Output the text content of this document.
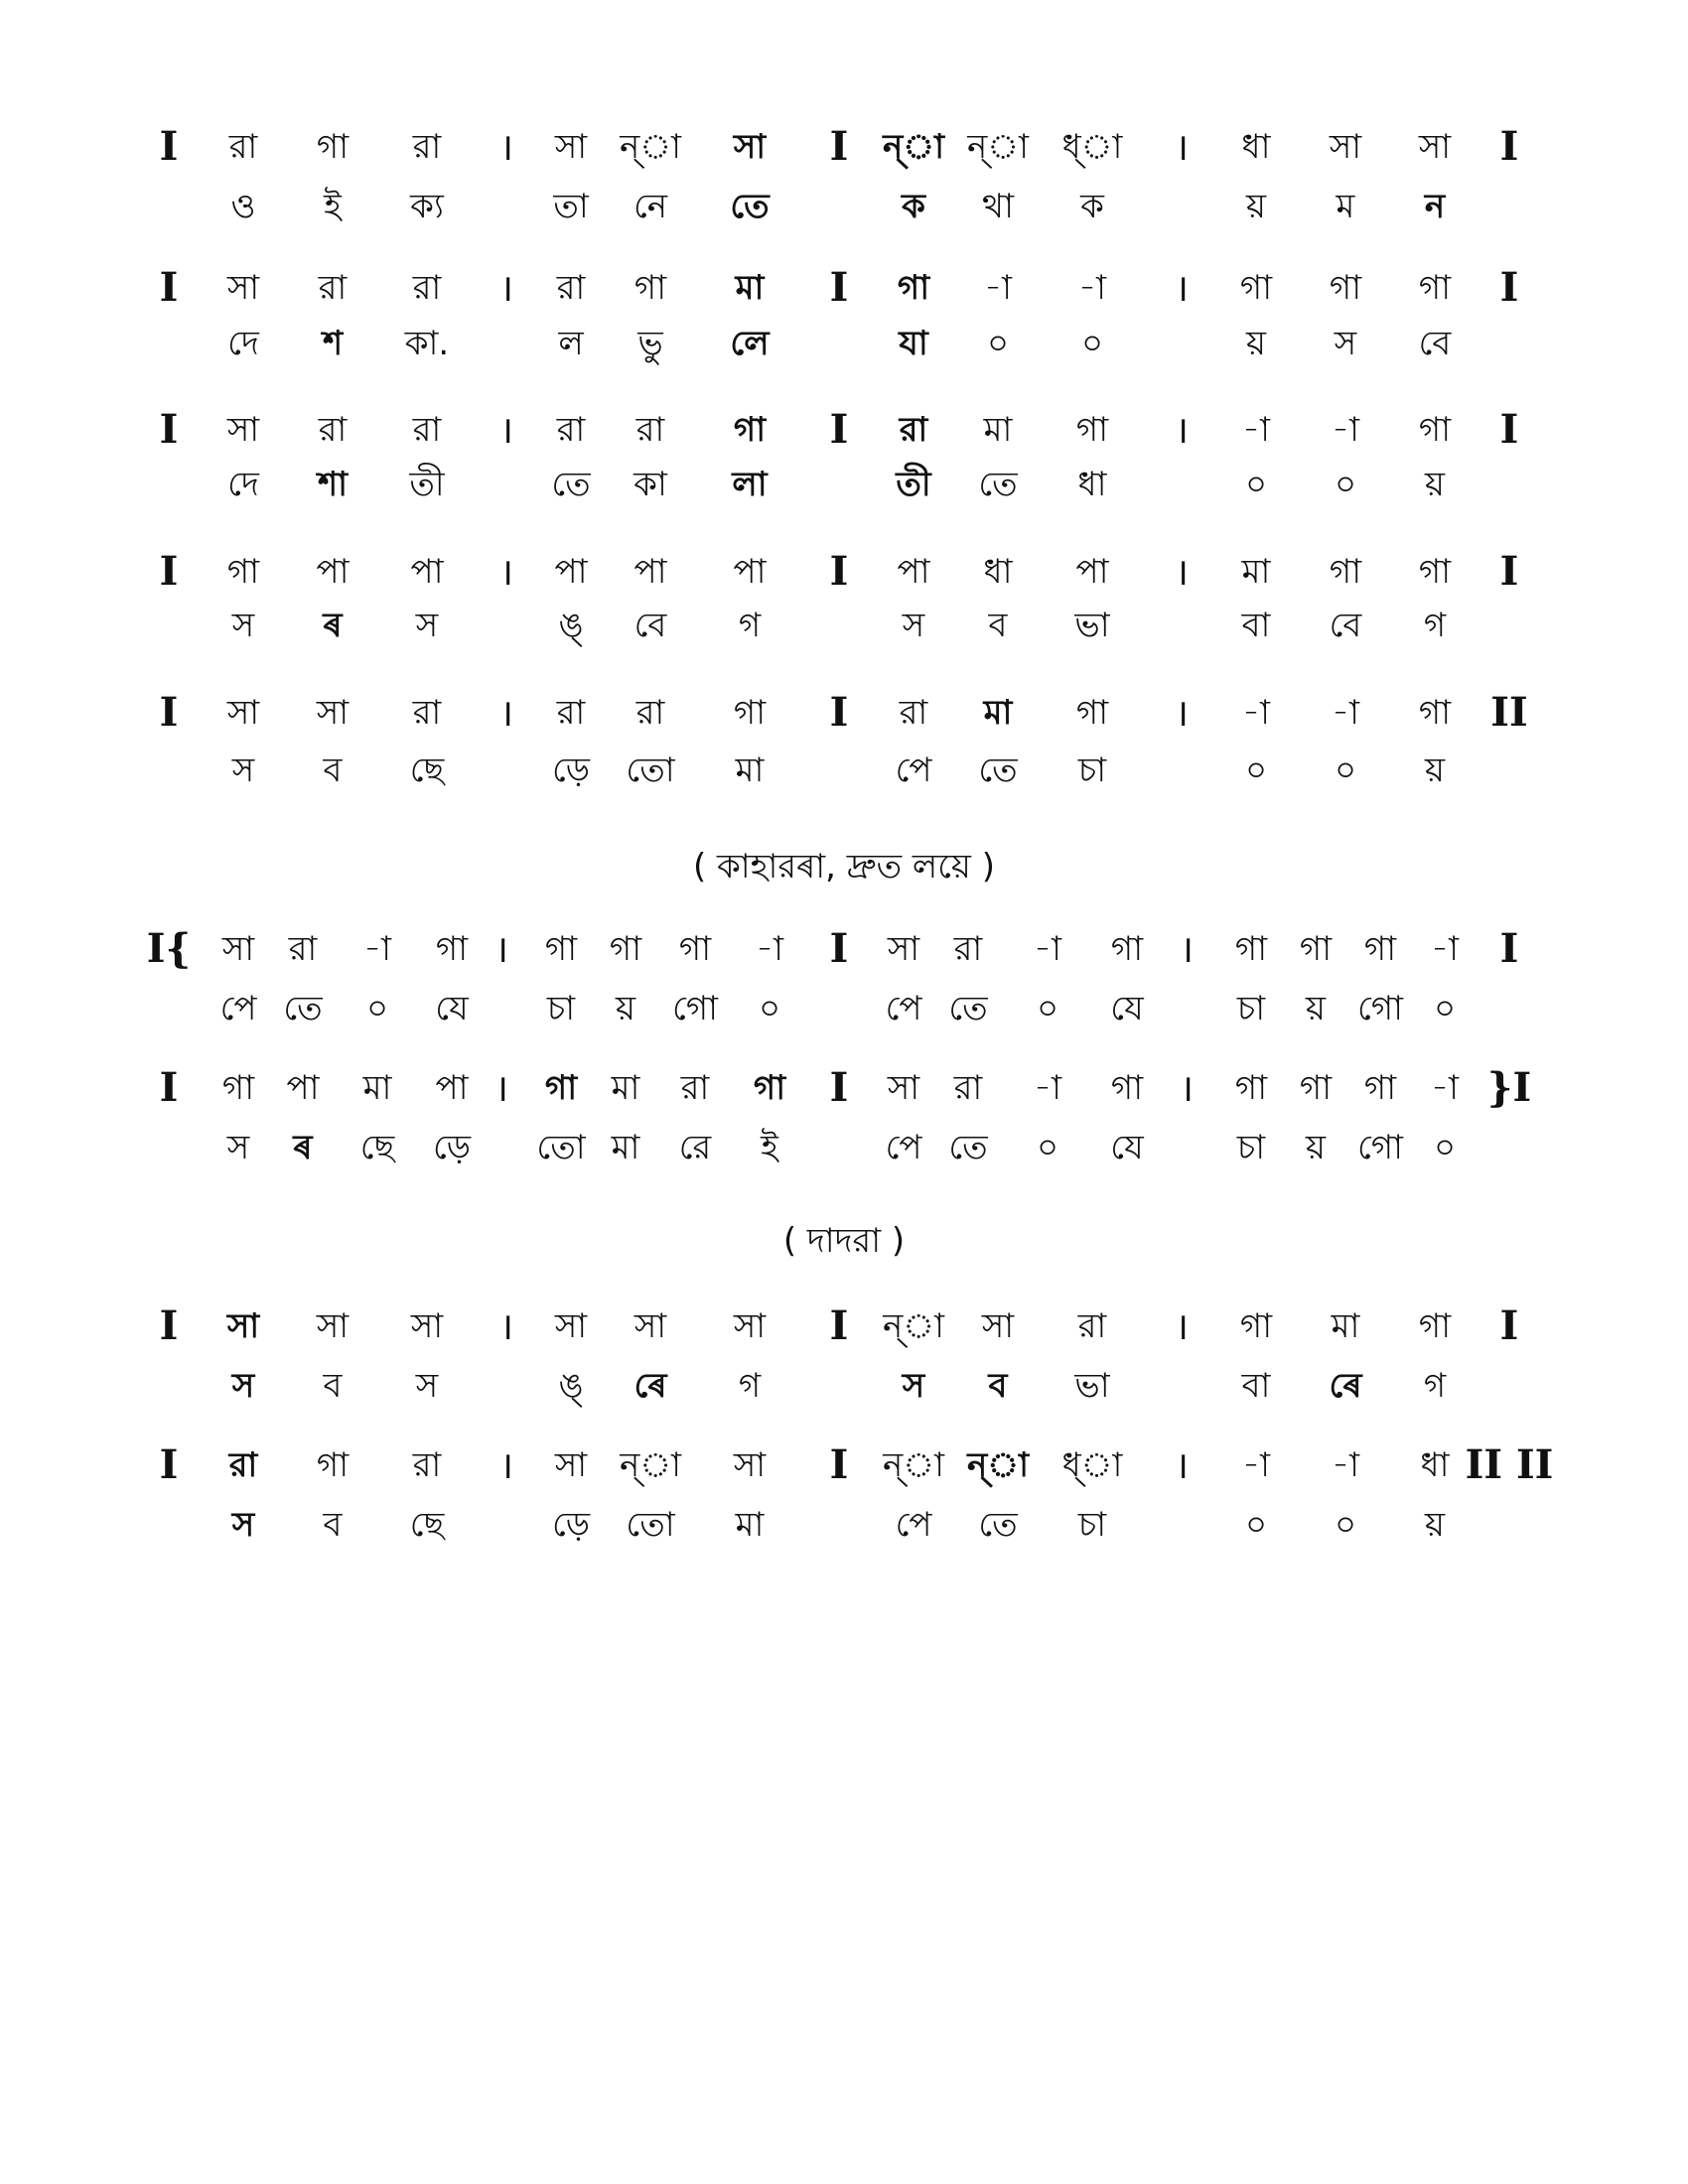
I রা গা রা । সা ন্া সা I ন্া ন্া ধ্া । ধা সা সা I
ও ই ক্য	তা নে তে	ক থা ক	য় ম ন
I সা রা রা । রা গা মা I গা -া -া । গা গা গা I
দে শ কা.	ল ভু লে	যা ০ ০	য় স বে
I সা রা রা । রা রা গা I রা মা গা । -া -া গা I
দে শা তী	তে কা লা	তী তে ধা	০ ০ য়
I গা পা পা । পা পা পা I পা ধা পা । মা গা গা I
স ৰ স	ঙ্ বে গ	স ব ভা	বা বে গ
I সা সা রা । রা রা গা I রা মা গা । -া -া গা II
স ব ছে	ড়ে তো মা	পে তে চা	০ ০ য়
( কাহারৰা, দ্রুত লয়ে )
I{ সা রা -া গা । গা গা গা -া I সা রা -া গা । গা গা গা -া I
পে তে ০ যে চা য় গো ০	পে তে ০ যে	চা য় গো ০
I গা পা মা পা । গা মা রা গা I সা রা -া গা । গা গা গা -া }I
স ৰ ছে ড়ে তো মা রে ই	পে তে ০ যে	চা য় গো ০
( দাদরা )
I সা সা সা । সা সা সা I ন্া সা রা । গা মা গা I
স ব স	ঙ্ ৰে গ	স ব ভা	বা ৰে গ
I রা গা রা । সা ন্া সা I ন্া ন্া ধ্া । -া -া ধা II II
স ব ছে	ড়ে তো মা	পে তে চা	০ ০ য়
